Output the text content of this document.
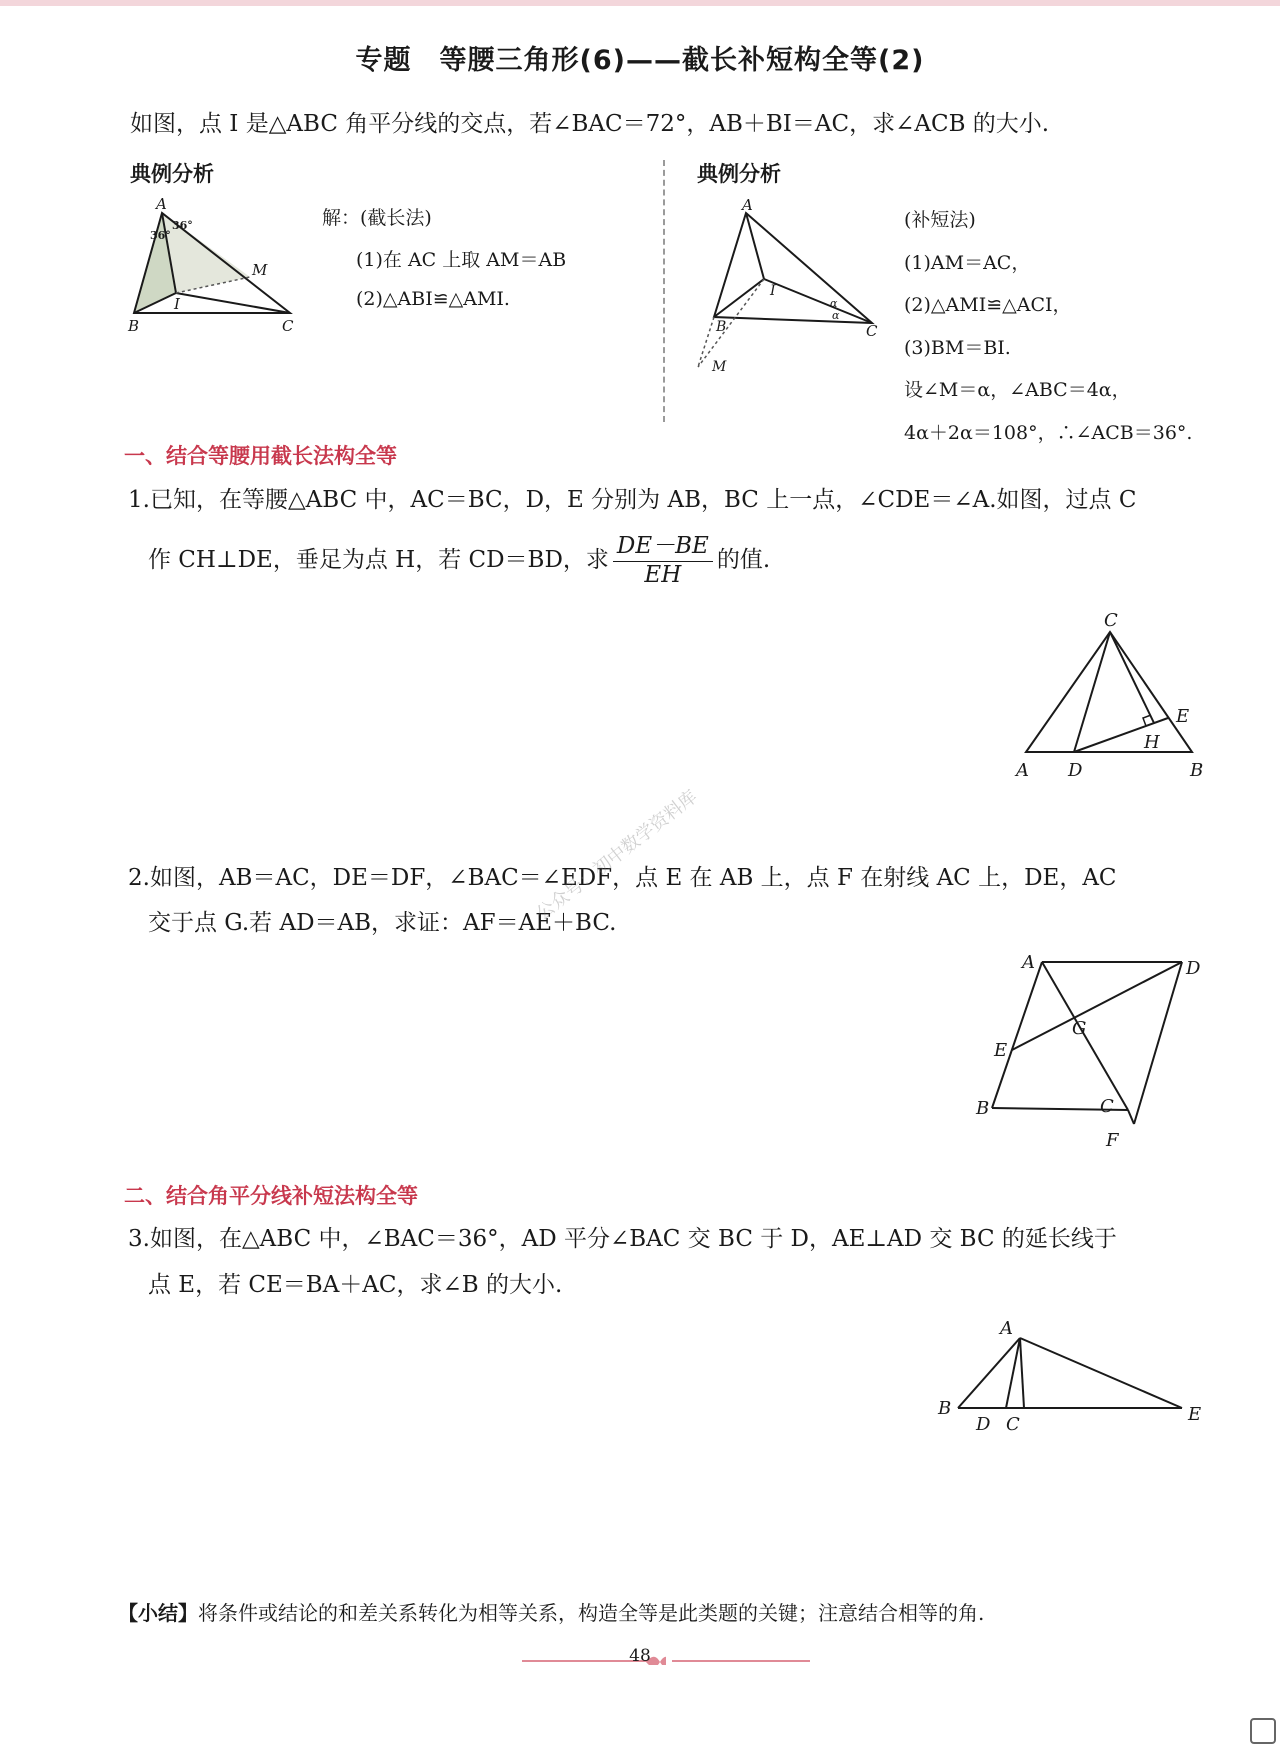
专题　等腰三角形(6)——截长补短构全等(2)
如图，点 I 是△ABC 角平分线的交点，若∠BAC＝72°，AB＋BI＝AC，求∠ACB 的大小.
典例分析
A
B	C
M
I
36°
36°	解：(截长法)
(1)在 AC 上取 AM＝AB
(2)△ABI≌△AMI.
典例分析
A
B	C
M
I
α
α
(补短法)
(1)AM＝AC，
(2)△AMI≌△ACI，
(3)BM＝BI.
设∠M＝α，∠ABC＝4α，
4α＋2α＝108°，∴∠ACB＝36°.
一、结合等腰用截长法构全等
1.已知，在等腰△ABC 中，AC＝BC，D，E 分别为 AB，BC 上一点，∠CDE＝∠A.如图，过点 C
作 CH⊥DE，垂足为点 H，若 CD＝BD，求 $\frac{DE-BE}{EH}$ 的值.
C
A	B
D
E
H
2.如图，AB＝AC，DE＝DF，∠BAC＝∠EDF，点 E 在 AB 上，点 F 在射线 AC 上，DE，AC
交于点 G.若 AD＝AB，求证：AF＝AE＋BC.
公众号：初中数学资料库
A	D
E
G
B	C
F
二、结合角平分线补短法构全等
3.如图，在△ABC 中，∠BAC＝36°，AD 平分∠BAC 交 BC 于 D，AE⊥AD 交 BC 的延长线于
点 E，若 CE＝BA＋AC，求∠B 的大小.
A
B
D C	E
【小结】将条件或结论的和差关系转化为相等关系，构造全等是此类题的关键；注意结合相等的角.
48
